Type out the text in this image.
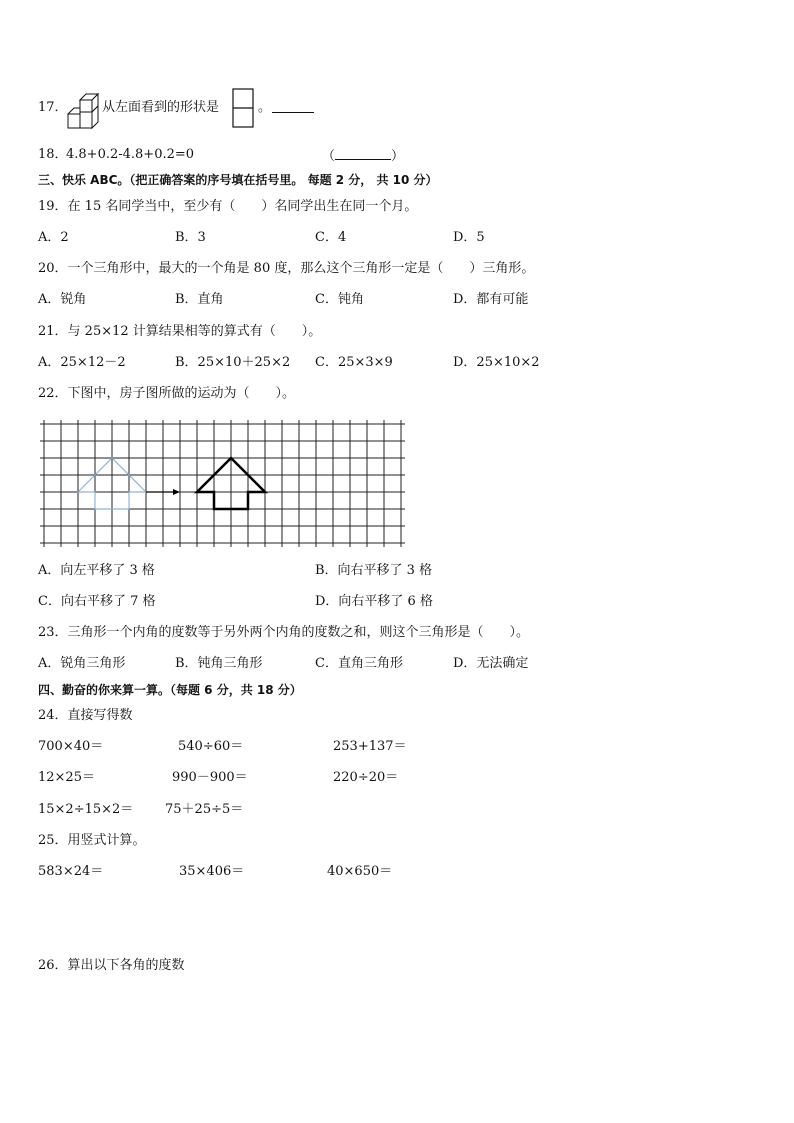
17．	从左面看到的形状是	。
18．
4.8+0.2-4.8+0.2=0	（	）
三、快乐 ABC。（把正确答案的序号填在括号里。 每题 2 分， 共 10 分）
19．在 15 名同学当中，至少有（　　）名同学出生在同一个月。
A．2	B．3	C．4	D．5
20．一个三角形中，最大的一个角是 80 度，那么这个三角形一定是（　　）三角形。
A．锐角	B．直角	C．钝角	D．都有可能
21．与 25×12 计算结果相等的算式有（　　）。
A．25×12－2	B．25×10＋25×2 C．25×3×9	D．25×10×2
22．下图中，房子图所做的运动为（　　）。
A．向左平移了 3 格	B．向右平移了 3 格
C．向右平移了 7 格	D．向右平移了 6 格
23．三角形一个内角的度数等于另外两个内角的度数之和，则这个三角形是（　　）。
A．锐角三角形	B．钝角三角形	C．直角三角形	D．无法确定
四、勤奋的你来算一算。（每题 6 分，共 18 分）
24．直接写得数
700×40＝	540÷60＝	253+137＝
12×25＝	990－900＝	220÷20＝
15×2÷15×2＝ 75＋25÷5＝
25．用竖式计算。
583×24＝	35×406＝	40×650＝
26．算出以下各角的度数
